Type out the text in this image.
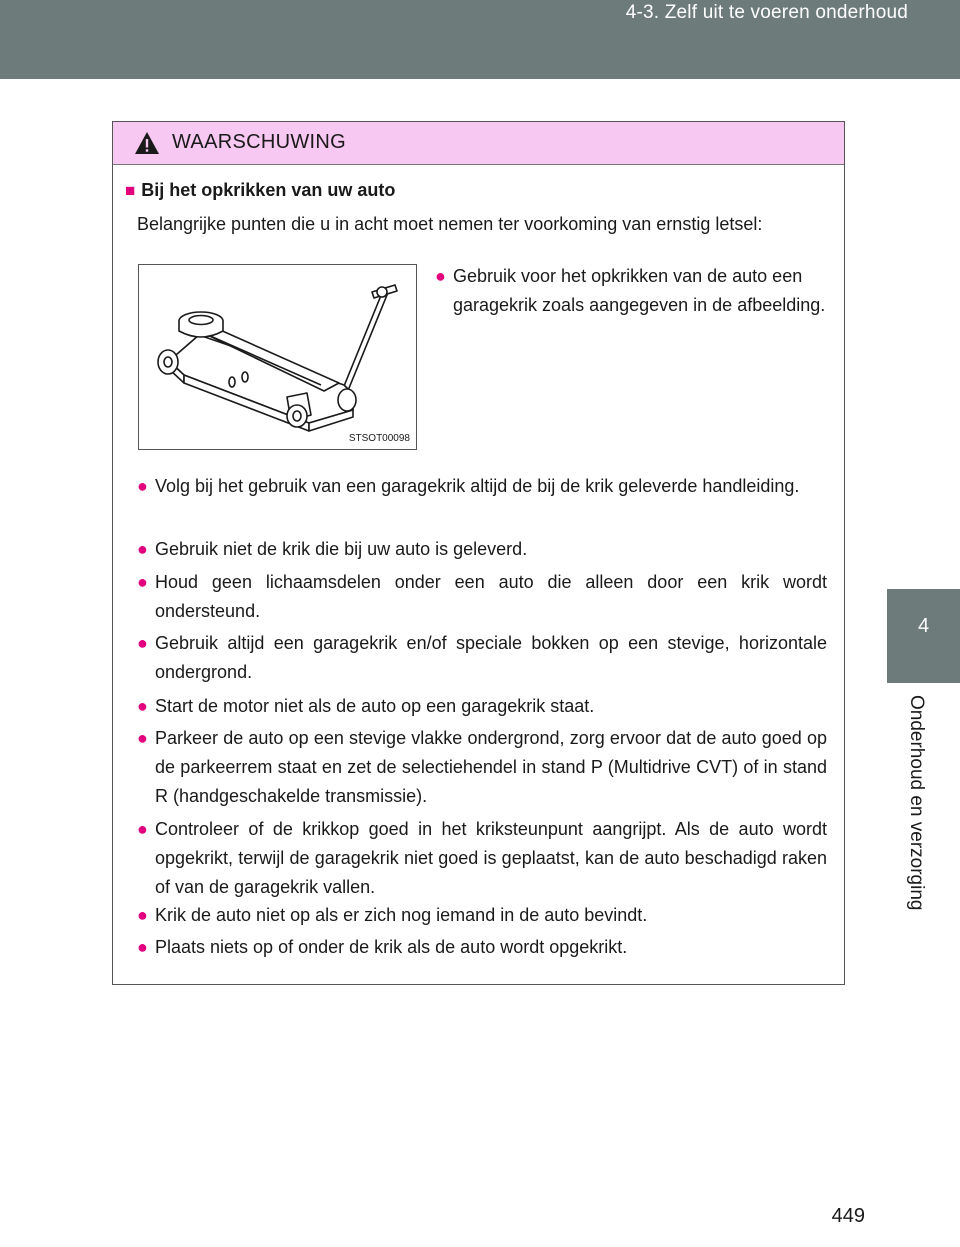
4-3. Zelf uit te voeren onderhoud
4
Onderhoud en verzorging
WAARSCHUWING
■ Bij het opkrikken van uw auto
Belangrijke punten die u in acht moet nemen ter voorkoming van ernstig letsel:
STSOT00098
● Gebruik voor het opkrikken van de auto een garagekrik zoals aangegeven in de afbeelding.
● Volg bij het gebruik van een garagekrik altijd de bij de krik geleverde handleiding.
● Gebruik niet de krik die bij uw auto is geleverd.
● Houd geen lichaamsdelen onder een auto die alleen door een krik wordt ondersteund.
● Gebruik altijd een garagekrik en/of speciale bokken op een stevige, horizontale ondergrond.
● Start de motor niet als de auto op een garagekrik staat.
● Parkeer de auto op een stevige vlakke ondergrond, zorg ervoor dat de auto goed op de parkeerrem staat en zet de selectiehendel in stand P (Multidrive CVT) of in stand R (handgeschakelde transmissie).
● Controleer of de krikkop goed in het kriksteunpunt aangrijpt. Als de auto wordt opgekrikt, terwijl de garagekrik niet goed is geplaatst, kan de auto beschadigd raken of van de garagekrik vallen.
● Krik de auto niet op als er zich nog iemand in de auto bevindt.
● Plaats niets op of onder de krik als de auto wordt opgekrikt.
449
